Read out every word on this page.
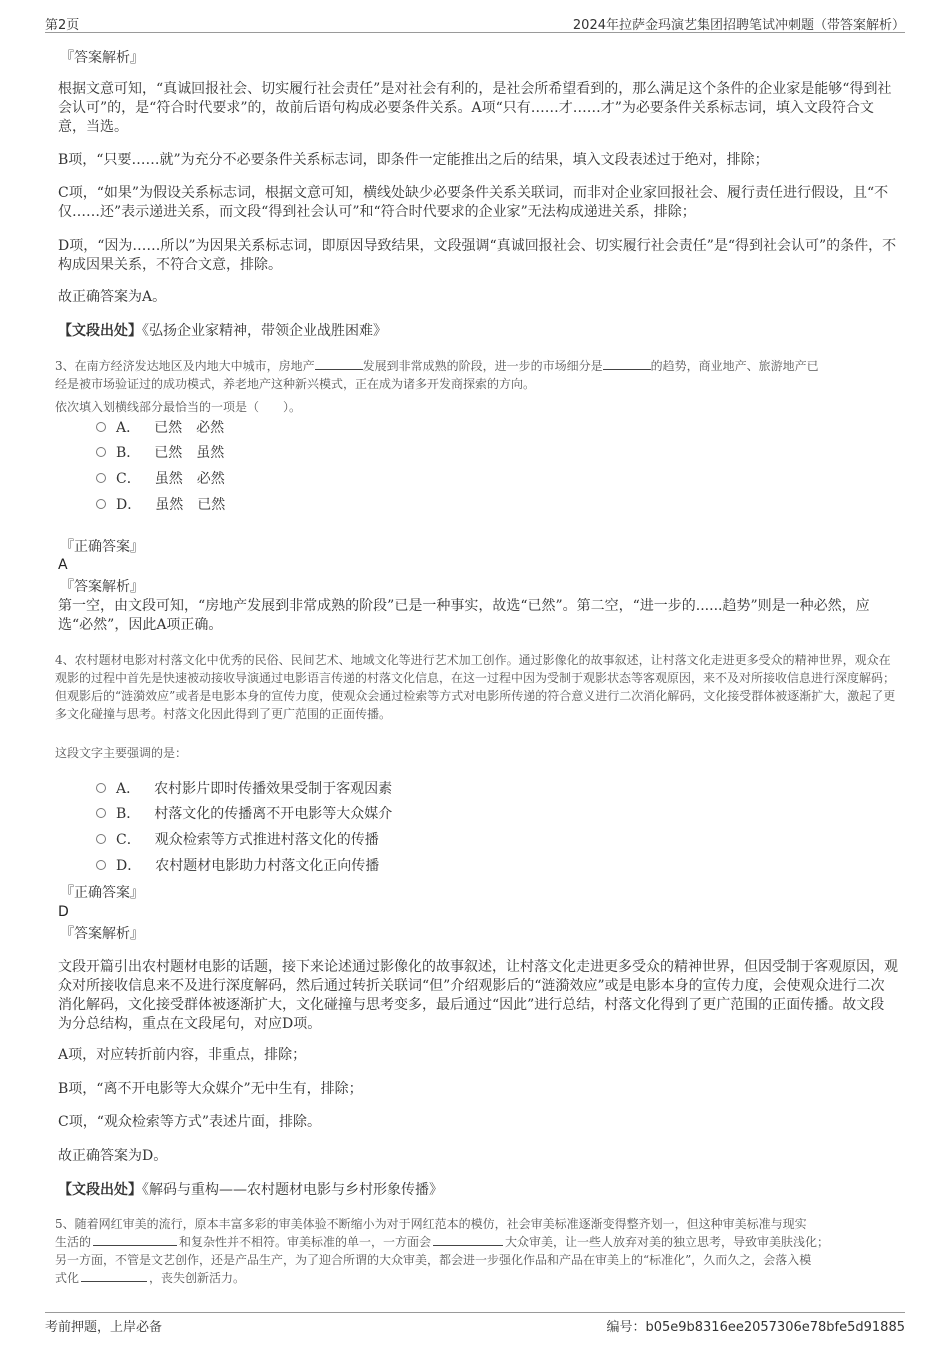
第2页	2024年拉萨金玛演艺集团招聘笔试冲刺题（带答案解析）
『答案解析』
根据文意可知，“真诚回报社会、切实履行社会责任”是对社会有利的，是社会所希望看到的，那么满足这个条件的企业家是能够“得到社会认可”的，是“符合时代要求”的，故前后语句构成必要条件关系。A项“只有……才……才”为必要条件关系标志词，填入文段符合文意，当选。
B项，“只要……就”为充分不必要条件关系标志词，即条件一定能推出之后的结果，填入文段表述过于绝对，排除；
C项，“如果”为假设关系标志词，根据文意可知，横线处缺少必要条件关系关联词，而非对企业家回报社会、履行责任进行假设，且“不仅……还”表示递进关系，而文段“得到社会认可”和“符合时代要求的企业家”无法构成递进关系，排除；
D项，“因为……所以”为因果关系标志词，即原因导致结果，文段强调“真诚回报社会、切实履行社会责任”是“得到社会认可”的条件，不构成因果关系，不符合文意，排除。
故正确答案为A。
【文段出处】《弘扬企业家精神，带领企业战胜困难》
3、在南方经济发达地区及内地大中城市，房地产	发展到非常成熟的阶段，进一步的市场细分是	的趋势，商业地产、旅游地产已
经是被市场验证过的成功模式，养老地产这种新兴模式，正在成为诸多开发商探索的方向。
依次填入划横线部分最恰当的一项是（　　）。
A． 已然　必然
B． 已然　虽然
C． 虽然　必然
D． 虽然　已然
『正确答案』
A
『答案解析』
第一空，由文段可知，“房地产发展到非常成熟的阶段”已是一种事实，故选“已然”。第二空，“进一步的......趋势”则是一种必然，应选“必然”，因此A项正确。
4、农村题材电影对村落文化中优秀的民俗、民间艺术、地域文化等进行艺术加工创作。通过影像化的故事叙述，让村落文化走进更多受众的精神世界，观众在观影的过程中首先是快速被动接收导演通过电影语言传递的村落文化信息，在这一过程中因为受制于观影状态等客观原因，来不及对所接收信息进行深度解码；但观影后的“涟漪效应”或者是电影本身的宣传力度，使观众会通过检索等方式对电影所传递的符合意义进行二次消化解码，文化接受群体被逐渐扩大，激起了更多文化碰撞与思考。村落文化因此得到了更广范围的正面传播。
这段文字主要强调的是：
A． 农村影片即时传播效果受制于客观因素
B． 村落文化的传播离不开电影等大众媒介
C． 观众检索等方式推进村落文化的传播
D． 农村题材电影助力村落文化正向传播
『正确答案』
D
『答案解析』
文段开篇引出农村题材电影的话题，接下来论述通过影像化的故事叙述，让村落文化走进更多受众的精神世界，但因受制于客观原因，观众对所接收信息来不及进行深度解码，然后通过转折关联词“但”介绍观影后的“涟漪效应”或是电影本身的宣传力度，会使观众进行二次消化解码，文化接受群体被逐渐扩大，文化碰撞与思考变多，最后通过“因此”进行总结，村落文化得到了更广范围的正面传播。故文段为分总结构，重点在文段尾句，对应D项。
A项，对应转折前内容，非重点，排除；
B项，“离不开电影等大众媒介”无中生有，排除；
C项，“观众检索等方式”表述片面，排除。
故正确答案为D。
【文段出处】《解码与重构——农村题材电影与乡村形象传播》
5、随着网红审美的流行，原本丰富多彩的审美体验不断缩小为对于网红范本的模仿，社会审美标准逐渐变得整齐划一，但这种审美标准与现实
生活的	和复杂性并不相符。审美标准的单一，一方面会	大众审美，让一些人放弃对美的独立思考，导致审美肤浅化；
另一方面，不管是文艺创作，还是产品生产，为了迎合所谓的大众审美，都会进一步强化作品和产品在审美上的“标准化”，久而久之，会落入模
式化	，丧失创新活力。
考前押题，上岸必备	编号：b05e9b8316ee2057306e78bfe5d91885
